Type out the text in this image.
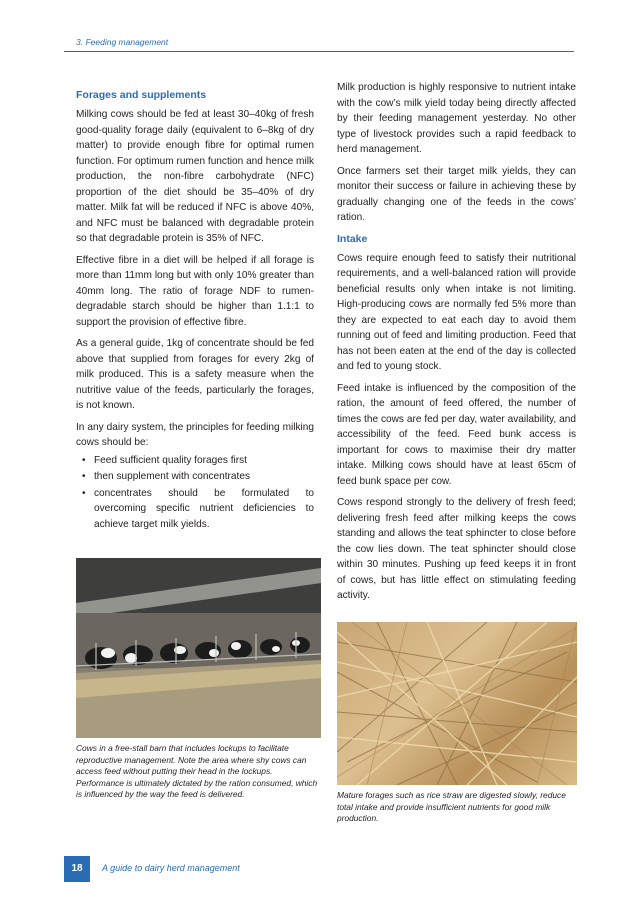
3. Feeding management
Forages and supplements

Milking cows should be fed at least 30–40kg of fresh good-quality forage daily (equivalent to 6–8kg of dry matter) to provide enough fibre for optimal rumen function. For optimum rumen function and hence milk production, the non-fibre carbohydrate (NFC) proportion of the diet should be 35–40% of dry matter. Milk fat will be reduced if NFC is above 40%, and NFC must be balanced with degradable protein so that degradable protein is 35% of NFC.

Effective fibre in a diet will be helped if all forage is more than 11mm long but with only 10% greater than 40mm long. The ratio of forage NDF to rumen-degradable starch should be higher than 1.1:1 to support the provision of effective fibre.

As a general guide, 1kg of concentrate should be fed above that supplied from forages for every 2kg of milk produced. This is a safety measure when the nutritive value of the feeds, particularly the forages, is not known.

In any dairy system, the principles for feeding milking cows should be:

• Feed sufficient quality forages first
• then supplement with concentrates
• concentrates should be formulated to overcoming specific nutrient deficiencies to achieve target milk yields.

Milk production is highly responsive to nutrient intake with the cow’s milk yield today being directly affected by their feeding management yesterday. No other type of livestock provides such a rapid feedback to herd management.

Once farmers set their target milk yields, they can monitor their success or failure in achieving these by gradually changing one of the feeds in the cows’ ration.

Intake

Cows require enough feed to satisfy their nutritional requirements, and a well-balanced ration will provide beneficial results only when intake is not limiting. High-producing cows are normally fed 5% more than they are expected to eat each day to avoid them running out of feed and limiting production. Feed that has not been eaten at the end of the day is collected and fed to young stock.

Feed intake is influenced by the composition of the ration, the amount of feed offered, the number of times the cows are fed per day, water availability, and accessibility of the feed. Feed bunk access is important for cows to maximise their dry matter intake. Milking cows should have at least 65cm of feed bunk space per cow.

Cows respond strongly to the delivery of fresh feed; delivering fresh feed after milking keeps the cows standing and allows the teat sphincter to close before the cow lies down. The teat sphincter should close within 30 minutes. Pushing up feed keeps it in front of cows, but has little effect on stimulating feeding activity.

Cows in a free-stall barn that includes lockups to facilitate reproductive management. Note the area where shy cows can access feed without putting their head in the lockups. Performance is ultimately dictated by the ration consumed, which is influenced by the way the feed is delivered.	Mature forages such as rice straw are digested slowly, reduce total intake and provide insufficient nutrients for good milk production.
18	A guide to dairy herd management
